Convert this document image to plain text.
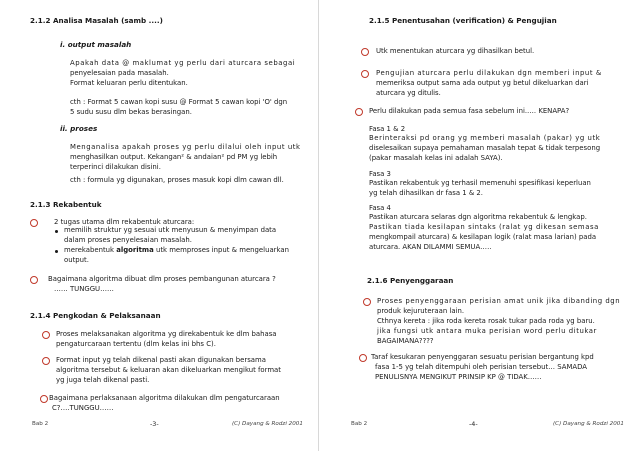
2.1.2 Analisa Masalah (samb ....)
i. output masalah
Apakah data @ maklumat yg perlu dari aturcara sebagai
penyelesaian pada masalah.
Format keluaran perlu ditentukan.
cth : Format 5 cawan kopi susu @ Format 5 cawan kopi 'O' dgn
5 sudu susu dlm bekas berasingan.
ii. proses
Menganalisa apakah proses yg perlu dilalui oleh input utk
menghasilkan output. Kekangan² & andaian² pd PM yg lebih
terperinci dilakukan disini.
cth : formula yg digunakan, proses masuk kopi dlm cawan dll.
2.1.3 Rekabentuk
2 tugas utama dlm rekabentuk aturcara:
memilih struktur yg sesuai utk menyusun & menyimpan data
dalam proses penyelesaian masalah.
merekabentuk algoritma utk memproses input & mengeluarkan
output.
Bagaimana algoritma dibuat dlm proses pembangunan aturcara ?
…… TUNGGU……
2.1.4 Pengkodan & Pelaksanaan
Proses melaksanakan algoritma yg direkabentuk ke dlm bahasa
pengaturcaraan tertentu (dlm kelas ini bhs C).
Format input yg telah dikenal pasti akan digunakan bersama
algoritma tersebut & keluaran akan dikeluarkan mengikut format
yg juga telah dikenal pasti.
Bagaimana perlaksanaan algoritma dilakukan dlm pengaturcaraan
C?….TUNGGU……
Bab 2	-3-	(C) Dayang & Rodzi 2001
2.1.5 Penentusahan (verification) & Pengujian
Utk menentukan aturcara yg dihasilkan betul.
Pengujian aturcara perlu dilakukan dgn memberi input &
memeriksa output sama ada output yg betul dikeluarkan dari
aturcara yg ditulis.
Perlu dilakukan pada semua fasa sebelum ini.…. KENAPA?
Fasa 1 & 2
Berinteraksi pd orang yg memberi masalah (pakar) yg utk
diselesaikan supaya pemahaman masalah tepat & tidak terpesong
(pakar masalah kelas ini adalah SAYA).
Fasa 3
Pastikan rekabentuk yg terhasil memenuhi spesifikasi keperluan
yg telah dihasilkan dr fasa 1 & 2.
Fasa 4
Pastikan aturcara selaras dgn algoritma rekabentuk & lengkap.
Pastikan tiada kesilapan sintaks (ralat yg dikesan semasa
mengkompail aturcara) & kesilapan logik (ralat masa larian) pada
aturcara. AKAN DILAMMI SEMUA…..
2.1.6 Penyenggaraan
Proses penyenggaraan perisian amat unik jika dibanding dgn
produk kejuruteraan lain.
Cthnya kereta : jika roda kereta rosak tukar pada roda yg baru.
jika fungsi utk antara muka perisian word perlu ditukar
BAGAIMANA????
Taraf kesukaran penyenggaran sesuatu perisian bergantung kpd
fasa 1-5 yg telah ditempuhi oleh perisian tersebut… SAMADA
PENULISNYA MENGIKUT PRINSIP KP @ TIDAK……
Bab 2	-4-	(C) Dayang & Rodzi 2001
